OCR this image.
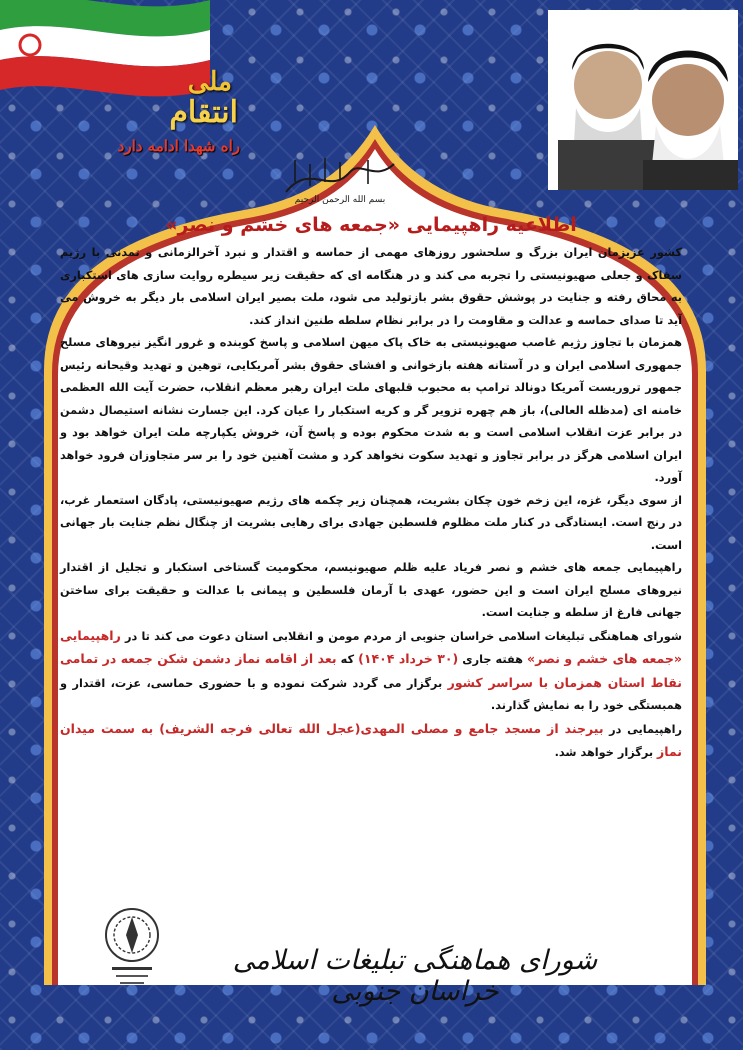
ملی
انتقام
راه شهدا ادامه دارد
بسم الله الرحمن الرحیم
اطلاعیه راهپیمایی «جمعه های خشم و نصر»

کشور عزیزمان ایران بزرگ و سلحشور روزهای مهمی از حماسه و اقتدار و نبرد آخرالزمانی و تمدنی با رژیم سفاک و جعلی صهیونیستی را تجربه می کند و در هنگامه ای که حقیقت زیر سیطره روایت سازی های استکباری به محاق رفته و جنایت در پوشش حقوق بشر بازتولید می شود، ملت بصیر ایران اسلامی بار دیگر به خروش می آید تا صدای حماسه و عدالت و مقاومت را در برابر نظام سلطه طنین انداز کند.

همزمان با تجاوز رژیم غاصب صهیونیستی به خاک پاک میهن اسلامی و پاسخ کوبنده و غرور انگیز نیروهای مسلح جمهوری اسلامی ایران و در آستانه هفته بازخوانی و افشای حقوق بشر آمریکایی، توهین و تهدید وقیحانه رئیس جمهور تروریست آمریکا دونالد ترامپ به محبوب قلبهای ملت ایران رهبر معظم انقلاب، حضرت آیت الله العظمی خامنه ای (مدظله العالی)، باز هم چهره تزویر گر و کریه استکبار را عیان کرد. این جسارت نشانه استیصال دشمن در برابر عزت انقلاب اسلامی است و به شدت محکوم بوده و پاسخ آن، خروش یکپارچه ملت ایران خواهد بود و ایران اسلامی هرگز در برابر تجاوز و تهدید سکوت نخواهد کرد و مشت آهنین خود را بر سر متجاوزان فرود خواهد آورد.

از سوی دیگر، غزه، این زخم خون چکان بشریت، همچنان زیر چکمه های رژیم صهیونیستی، پادگان استعمار غرب، در رنج است. ایستادگی در کنار ملت مظلوم فلسطین جهادی برای رهایی بشریت از چنگال نظم جنایت بار جهانی است.

راهپیمایی جمعه های خشم و نصر فریاد علیه ظلم صهیونیسم، محکومیت گستاخی استکبار و تجلیل از اقتدار نیروهای مسلح ایران است و این حضور، عهدی با آرمان فلسطین و پیمانی با عدالت و حقیقت برای ساختن جهانی فارغ از سلطه و جنایت است.

شورای هماهنگی تبلیغات اسلامی خراسان جنوبی از مردم مومن و انقلابی استان دعوت می کند تا در راهپیمایی «جمعه های خشم و نصر» هفته جاری (۳۰ خرداد ۱۴۰۴) که بعد از اقامه نماز دشمن شکن جمعه در تمامی نقاط استان همزمان با سراسر کشور برگزار می گردد شرکت نموده و با حضوری حماسی، عزت، اقتدار و همبستگی خود را به نمایش گذارند.

راهپیمایی در بیرجند از مسجد جامع و مصلی المهدی(عجل الله تعالی فرجه الشریف) به سمت میدان نماز برگزار خواهد شد.

شورای هماهنگی تبلیغات اسلامی خراسان جنوبی
